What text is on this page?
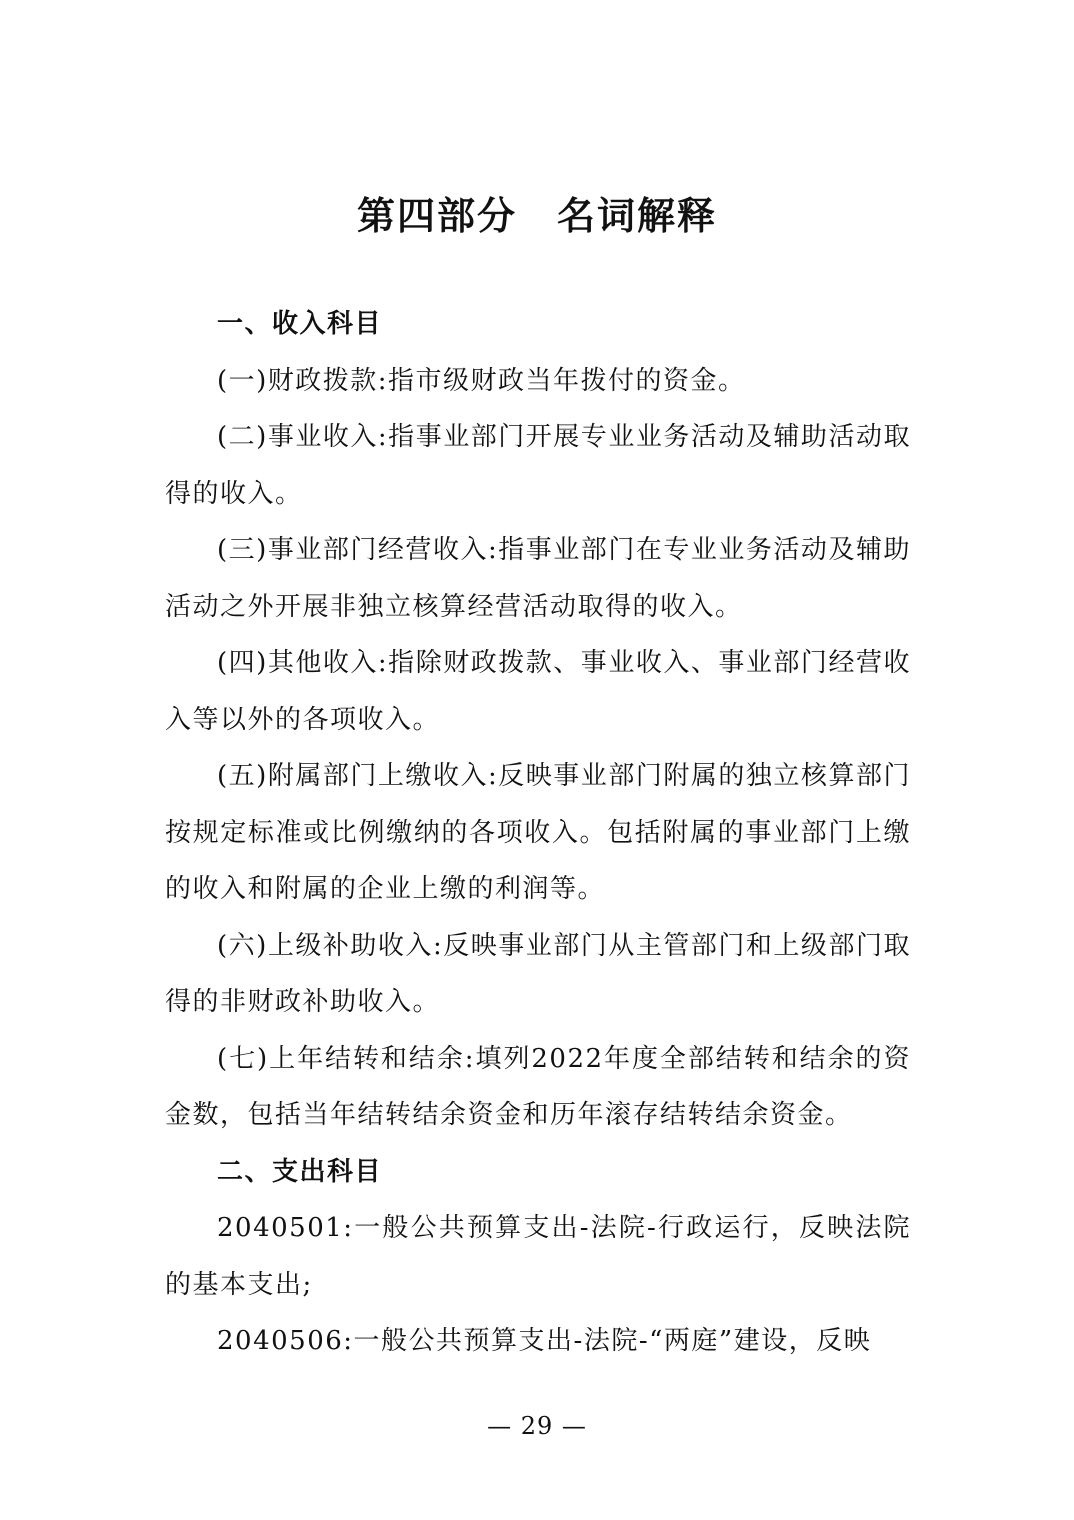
第四部分　名词解释

一、收入科目

(一)财政拨款:指市级财政当年拨付的资金。

(二)事业收入:指事业部门开展专业业务活动及辅助活动取得的收入。

(三)事业部门经营收入:指事业部门在专业业务活动及辅助活动之外开展非独立核算经营活动取得的收入。

(四)其他收入:指除财政拨款、事业收入、事业部门经营收入等以外的各项收入。

(五)附属部门上缴收入:反映事业部门附属的独立核算部门按规定标准或比例缴纳的各项收入。包括附属的事业部门上缴的收入和附属的企业上缴的利润等。

(六)上级补助收入:反映事业部门从主管部门和上级部门取得的非财政补助收入。

(七)上年结转和结余:填列2022年度全部结转和结余的资金数，包括当年结转结余资金和历年滚存结转结余资金。

二、支出科目

2040501:一般公共预算支出-法院-行政运行，反映法院的基本支出;

2040506:一般公共预算支出-法院-“两庭”建设，反映

— 29 —
